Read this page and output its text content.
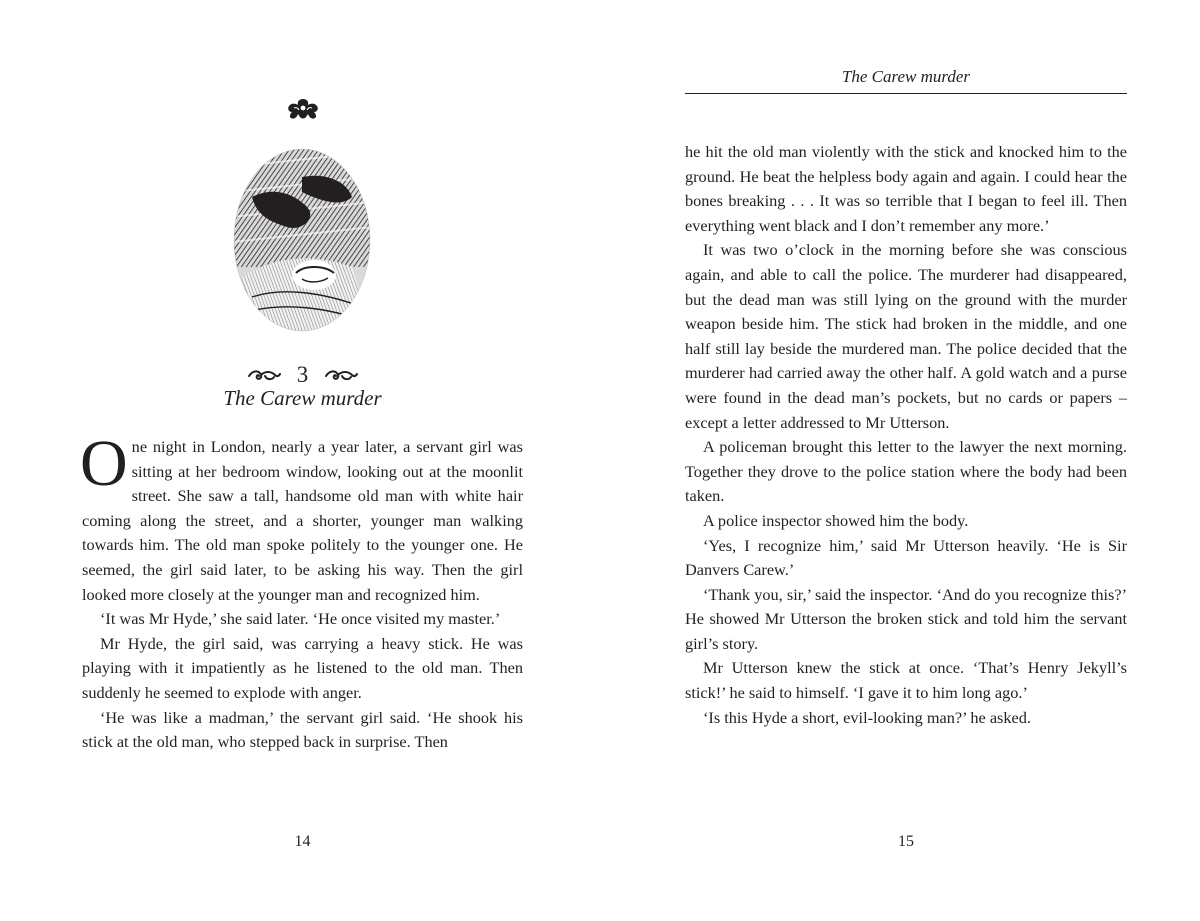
3
The Carew murder

One night in London, nearly a year later, a servant girl was sitting at her bedroom window, looking out at the moonlit street. She saw a tall, handsome old man with white hair coming along the street, and a shorter, younger man walking towards him. The old man spoke politely to the younger one. He seemed, the girl said later, to be asking his way. Then the girl looked more closely at the younger man and recognized him.

‘It was Mr Hyde,’ she said later. ‘He once visited my master.’

Mr Hyde, the girl said, was carrying a heavy stick. He was playing with it impatiently as he listened to the old man. Then suddenly he seemed to explode with anger.

‘He was like a madman,’ the servant girl said. ‘He shook his stick at the old man, who stepped back in surprise. Then

14
The Carew murder

he hit the old man violently with the stick and knocked him to the ground. He beat the helpless body again and again. I could hear the bones breaking . . . It was so terrible that I began to feel ill. Then everything went black and I don’t remember any more.’

It was two o’clock in the morning before she was conscious again, and able to call the police. The murderer had disappeared, but the dead man was still lying on the ground with the murder weapon beside him. The stick had broken in the middle, and one half still lay beside the murdered man. The police decided that the murderer had carried away the other half. A gold watch and a purse were found in the dead man’s pockets, but no cards or papers – except a letter addressed to Mr Utterson.

A policeman brought this letter to the lawyer the next morning. Together they drove to the police station where the body had been taken.

A police inspector showed him the body.

‘Yes, I recognize him,’ said Mr Utterson heavily. ‘He is Sir Danvers Carew.’

‘Thank you, sir,’ said the inspector. ‘And do you recognize this?’ He showed Mr Utterson the broken stick and told him the servant girl’s story.

Mr Utterson knew the stick at once. ‘That’s Henry Jekyll’s stick!’ he said to himself. ‘I gave it to him long ago.’

‘Is this Hyde a short, evil-looking man?’ he asked.

15
